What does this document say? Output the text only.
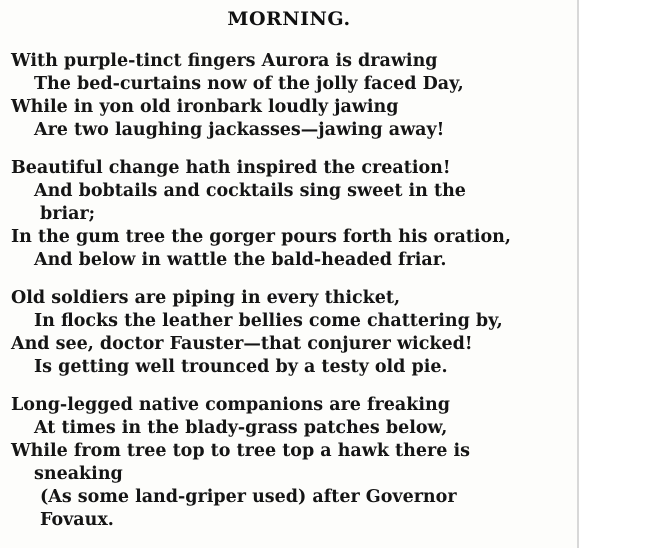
MORNING.
With purple-tinct fingers Aurora is drawing
The bed-curtains now of the jolly faced Day,
While in yon old ironbark loudly jawing
Are two laughing jackasses—jawing away!
Beautiful change hath inspired the creation!
And bobtails and cocktails sing sweet in the
briar;
In the gum tree the gorger pours forth his oration,
And below in wattle the bald-headed friar.
Old soldiers are piping in every thicket,
In flocks the leather bellies come chattering by,
And see, doctor Fauster—that conjurer wicked!
Is getting well trounced by a testy old pie.
Long-legged native companions are freaking
At times in the blady-grass patches below,
While from tree top to tree top a hawk there is
sneaking
(As some land-griper used) after Governor
Fovaux.
